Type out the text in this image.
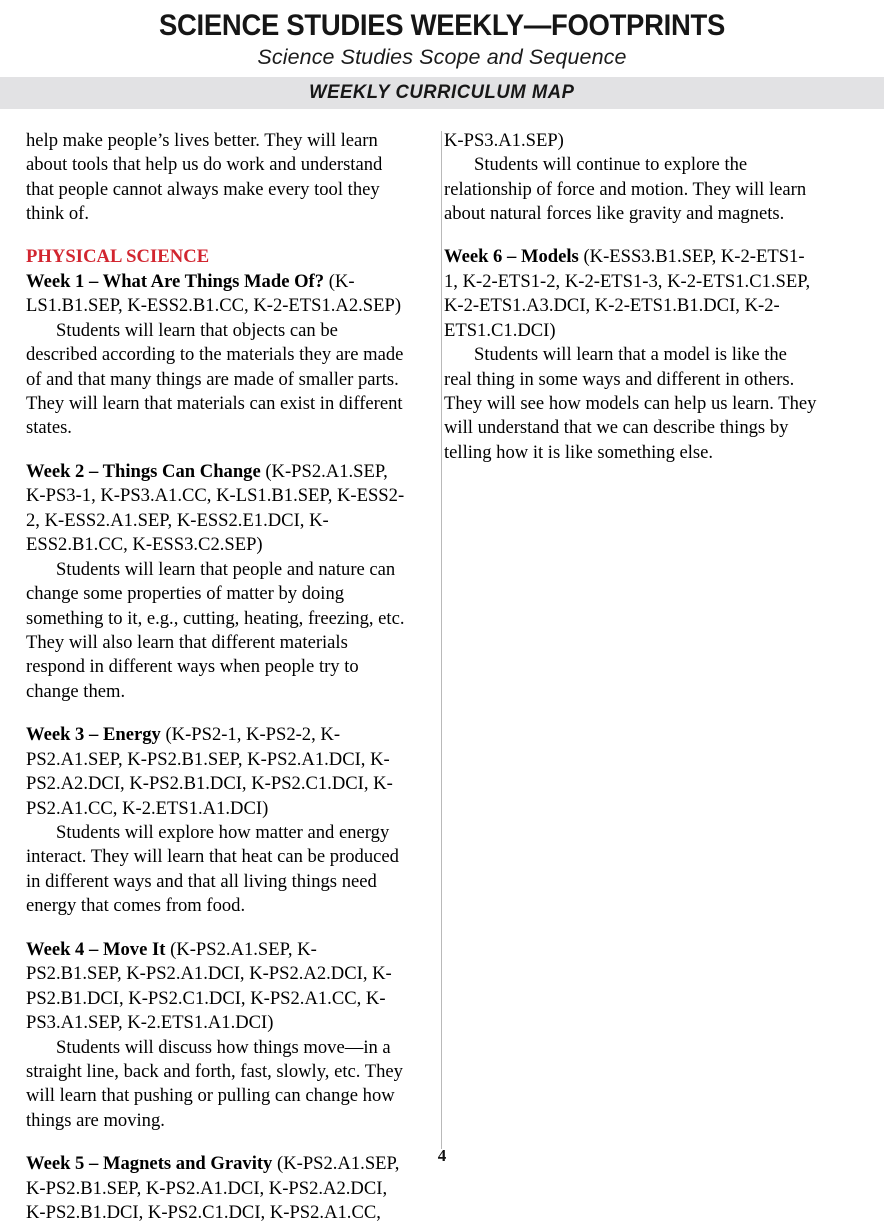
SCIENCE STUDIES WEEKLY—FOOTPRINTS
Science Studies Scope and Sequence
WEEKLY CURRICULUM MAP

help make people’s lives better. They will learn about tools that help us do work and understand that people cannot always make every tool they think of.

PHYSICAL SCIENCE

Week 1 – What Are Things Made Of? (K-LS1.B1.SEP, K-ESS2.B1.CC, K-2-ETS1.A2.SEP)

Students will learn that objects can be described according to the materials they are made of and that many things are made of smaller parts. They will learn that materials can exist in different states.

Week 2 – Things Can Change (K-PS2.A1.SEP, K-PS3-1, K-PS3.A1.CC, K-LS1.B1.SEP, K-ESS2-2, K-ESS2.A1.SEP, K-ESS2.E1.DCI, K-ESS2.B1.CC, K-ESS3.C2.SEP)

Students will learn that people and nature can change some properties of matter by doing something to it, e.g., cutting, heating, freezing, etc. They will also learn that different materials respond in different ways when people try to change them.

Week 3 – Energy (K-PS2-1, K-PS2-2, K-PS2.A1.SEP, K-PS2.B1.SEP, K-PS2.A1.DCI, K-PS2.A2.DCI, K-PS2.B1.DCI, K-PS2.C1.DCI, K-PS2.A1.CC, K-2.ETS1.A1.DCI)

Students will explore how matter and energy interact. They will learn that heat can be produced in different ways and that all living things need energy that comes from food.

Week 4 – Move It (K-PS2.A1.SEP, K-PS2.B1.SEP, K-PS2.A1.DCI, K-PS2.A2.DCI, K-PS2.B1.DCI, K-PS2.C1.DCI, K-PS2.A1.CC, K-PS3.A1.SEP, K-2.ETS1.A1.DCI)

Students will discuss how things move—in a straight line, back and forth, fast, slowly, etc. They will learn that pushing or pulling can change how things are moving.

Week 5 – Magnets and Gravity (K-PS2.A1.SEP, K-PS2.B1.SEP, K-PS2.A1.DCI, K-PS2.A2.DCI, K-PS2.B1.DCI, K-PS2.C1.DCI, K-PS2.A1.CC,

K-PS3.A1.SEP)

Students will continue to explore the relationship of force and motion. They will learn about natural forces like gravity and magnets.

Week 6 – Models (K-ESS3.B1.SEP, K-2-ETS1-1, K-2-ETS1-2, K-2-ETS1-3, K-2-ETS1.C1.SEP, K-2-ETS1.A3.DCI, K-2-ETS1.B1.DCI, K-2-ETS1.C1.DCI)

Students will learn that a model is like the real thing in some ways and different in others. They will see how models can help us learn. They will understand that we can describe things by telling how it is like something else.

4
